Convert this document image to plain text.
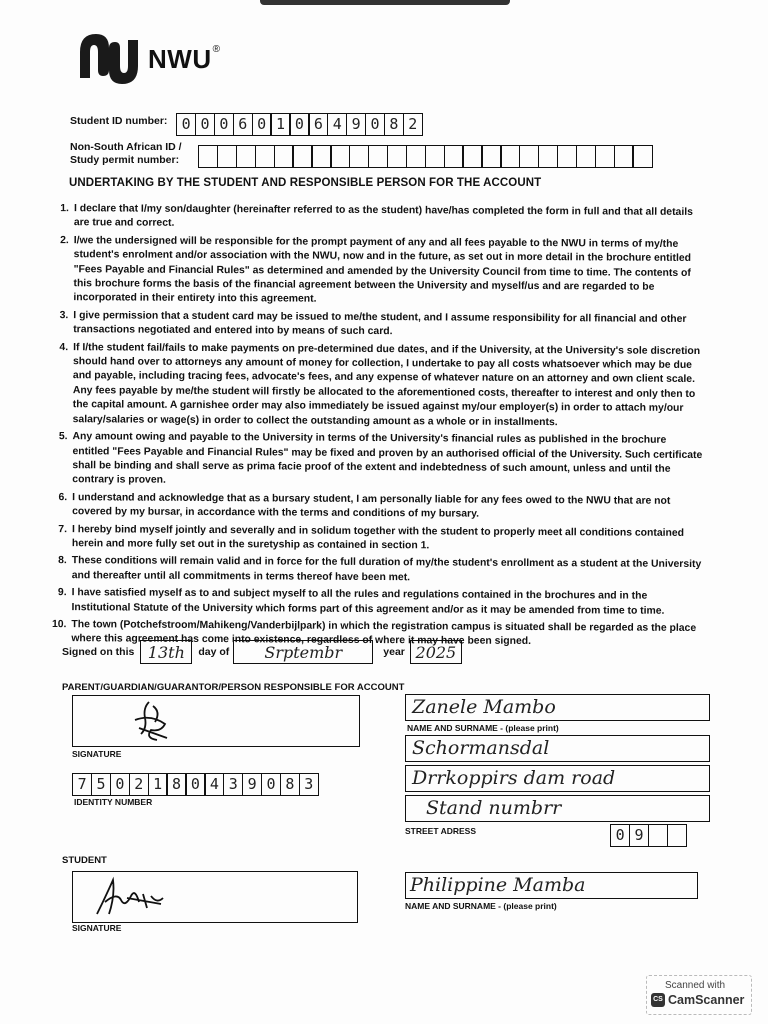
NWU ®
Student ID number: 0 0 0 6 0 1 0 6 4 9 0 8 2
Non-South African ID /
Study permit number:
UNDERTAKING BY THE STUDENT AND RESPONSIBLE PERSON FOR THE ACCOUNT
1. I declare that I/my son/daughter (hereinafter referred to as the student) have/has completed the form in full and that all details are true and correct.
2. I/we the undersigned will be responsible for the prompt payment of any and all fees payable to the NWU in terms of my/the student's enrolment and/or association with the NWU, now and in the future, as set out in more detail in the brochure entitled "Fees Payable and Financial Rules" as determined and amended by the University Council from time to time. The contents of this brochure forms the basis of the financial agreement between the University and myself/us and are regarded to be incorporated in their entirety into this agreement.
3. I give permission that a student card may be issued to me/the student, and I assume responsibility for all financial and other transactions negotiated and entered into by means of such card.
4. If I/the student fail/fails to make payments on pre-determined due dates, and if the University, at the University's sole discretion should hand over to attorneys any amount of money for collection, I undertake to pay all costs whatsoever which may be due and payable, including tracing fees, advocate's fees, and any expense of whatever nature on an attorney and own client scale. Any fees payable by me/the student will firstly be allocated to the aforementioned costs, thereafter to interest and only then to the capital amount. A garnishee order may also immediately be issued against my/our employer(s) in order to attach my/our salary/salaries or wage(s) in order to collect the outstanding amount as a whole or in installments.
5. Any amount owing and payable to the University in terms of the University's financial rules as published in the brochure entitled "Fees Payable and Financial Rules" may be fixed and proven by an authorised official of the University. Such certificate shall be binding and shall serve as prima facie proof of the extent and indebtedness of such amount, unless and until the contrary is proven.
6. I understand and acknowledge that as a bursary student, I am personally liable for any fees owed to the NWU that are not covered by my bursar, in accordance with the terms and conditions of my bursary.
7. I hereby bind myself jointly and severally and in solidum together with the student to properly meet all conditions contained herein and more fully set out in the suretyship as contained in section 1.
8. These conditions will remain valid and in force for the full duration of my/the student's enrollment as a student at the University and thereafter until all commitments in terms thereof have been met.
9. I have satisfied myself as to and subject myself to all the rules and regulations contained in the brochures and in the Institutional Statute of the University which forms part of this agreement and/or as it may be amended from time to time.
10. The town (Potchefstroom/Mahikeng/Vanderbijlpark) in which the registration campus is situated shall be regarded as the place where this agreement has come into existence, regardless of where it may have been signed.
Signed on this 13th	day of	Srptembr	year 2025
PARENT/GUARDIAN/GUARANTOR/PERSON RESPONSIBLE FOR ACCOUNT
SIGNATURE
7 5 0 2 1 8 0 4 3 9 0 8 3
IDENTITY NUMBER
Zanele Mambo
NAME AND SURNAME - (please print)
Schormansdal
Drrkoppirs dam road
Stand numbrr
STREET ADRESS	0 9
STUDENT
SIGNATURE
Philippine Mamba
NAME AND SURNAME - (please print)
Scanned with
CS CamScanner
